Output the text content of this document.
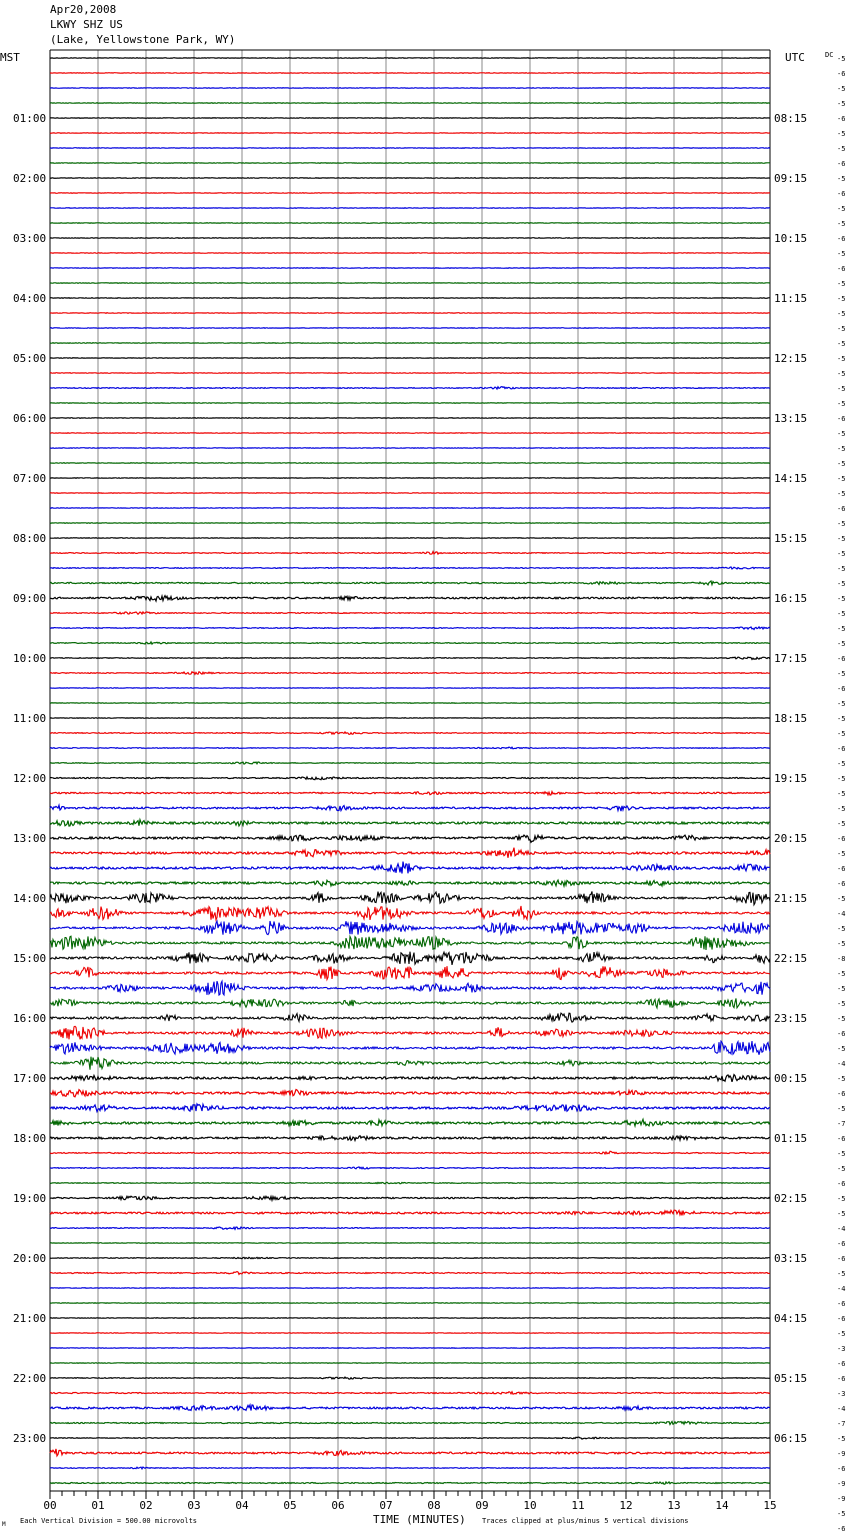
Apr20,2008
LKWY SHZ US
(Lake, Yellowstone Park, WY)
01:00
02:00
03:00
04:00
05:00
06:00
07:00
08:00
09:00
10:00
11:00
12:00
13:00
14:00
15:00
16:00
17:00
18:00
19:00
20:00
21:00
22:00
23:00
08:15
09:15
10:15
11:15
12:15
13:15
14:15
15:15
16:15
17:15
18:15
19:15
20:15
21:15
22:15
23:15
00:15
01:15
02:15
03:15
04:15
05:15
06:15
-5
-6
-5
-5
-6
-5
-5
-6
-5
-6
-5
-5
-6
-5
-6
-5
-5
-5
-5
-5
-5
-5
-5
-5
-6
-5
-5
-5
-5
-5
-6
-5
-5
-5
-5
-5
-5
-5
-5
-5
-6
-5
-6
-5
-5
-5
-6
-5
-5
-5
-5
-5
-6
-5
-6
-6
-5
-4
-5
-5
-8
-5
-5
-5
-5
-6
-5
-4
-5
-6
-5
-7
-6
-5
-5
-6
-5
-5
-4
-6
-6
-5
-4
-6
-6
-5
-3
-6
-6
-3
-4
-7
-5
-9
-6
-9
-9
-5
-6
00	01	02	03	04	05	06	07	08	09	10	11	12	13	14	15
MST	UTC	DC
TIME (MINUTES)
M Each Vertical Division = 500.00 microvolts	Traces clipped at plus/minus 5 vertical divisions
